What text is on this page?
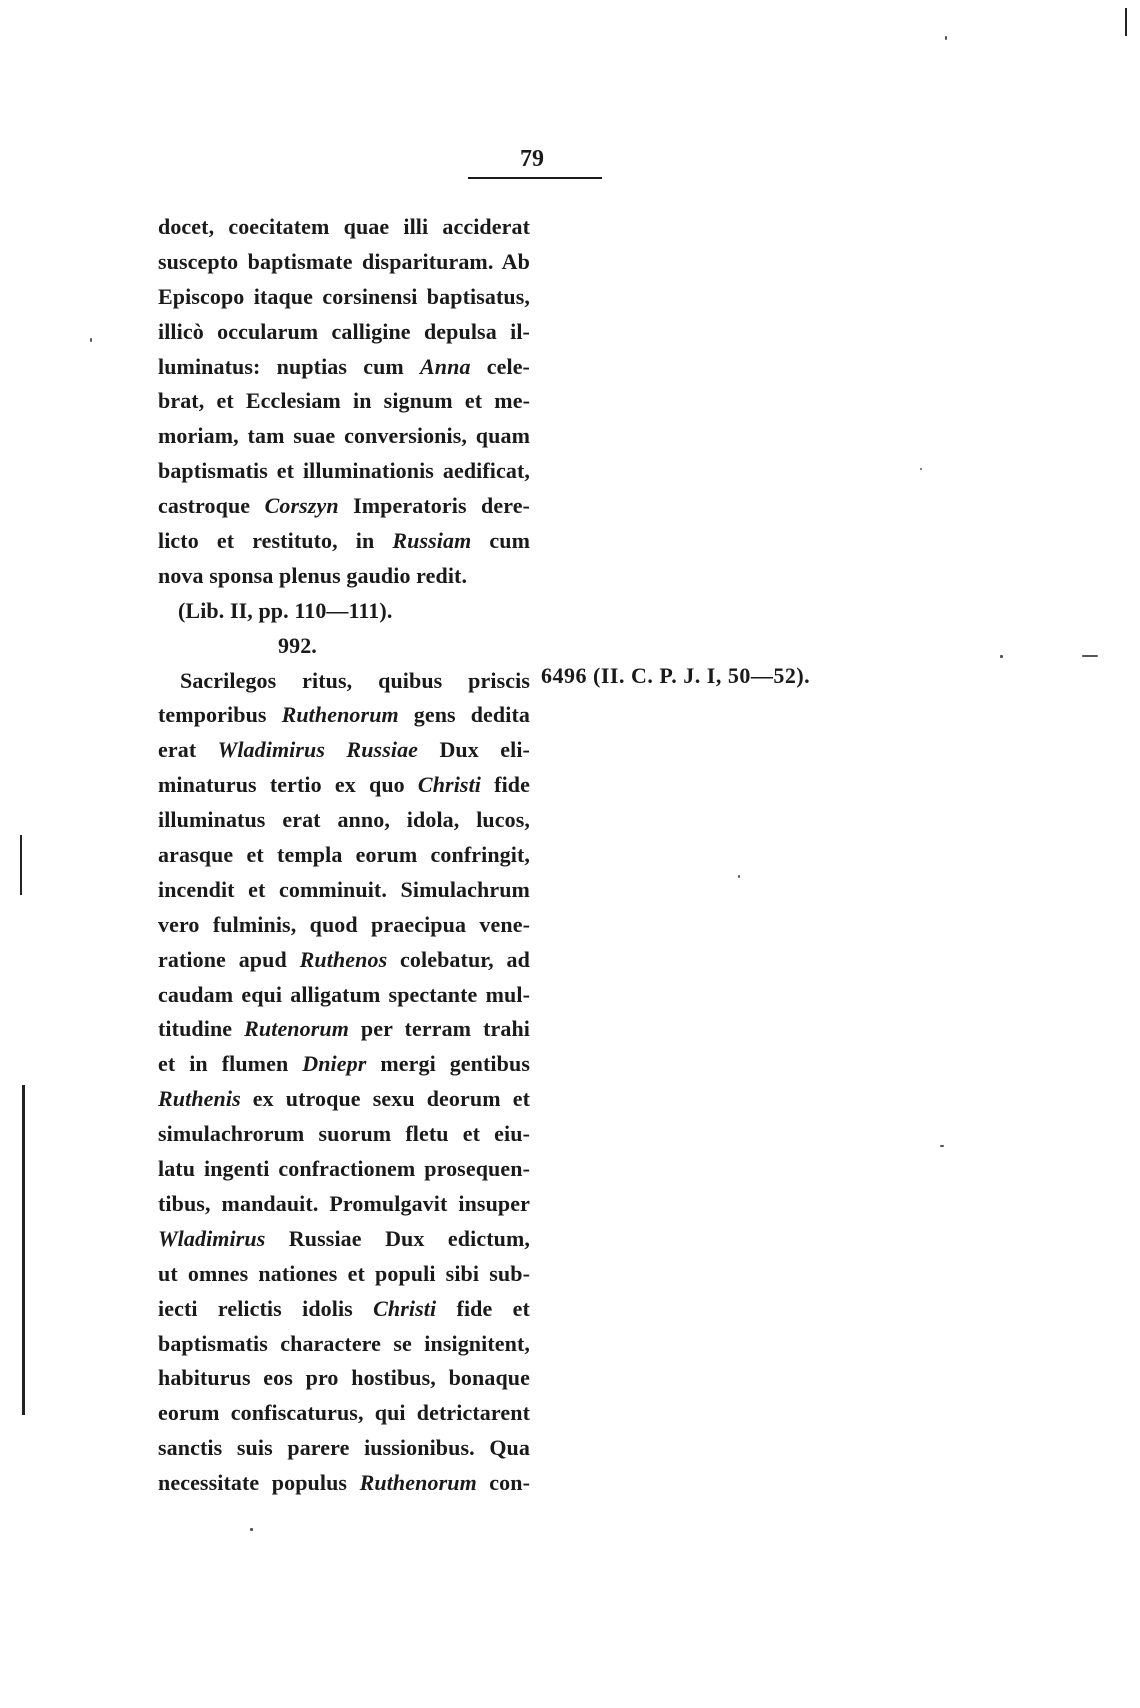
79
docet, coecitatem quae illi acciderat
suscepto baptismate disparituram. Ab
Episcopo itaque corsinensi baptisatus,
illicò occularum calligine depulsa il-
luminatus: nuptias cum Anna cele-
brat, et Ecclesiam in signum et me-
moriam, tam suae conversionis, quam
baptismatis et illuminationis aedificat,
castroque Corszyn Imperatoris dere-
licto et restituto, in Russiam cum
nova sponsa plenus gaudio redit.
(Lib. II, pp. 110—111).
992.
Sacrilegos ritus, quibus priscis
temporibus Ruthenorum gens dedita
erat Wladimirus Russiae Dux eli-
minaturus tertio ex quo Christi fide
illuminatus erat anno, idola, lucos,
arasque et templa eorum confringit,
incendit et comminuit. Simulachrum
vero fulminis, quod praecipua vene-
ratione apud Ruthenos colebatur, ad
caudam equi alligatum spectante mul-
titudine Rutenorum per terram trahi
et in flumen Dniepr mergi gentibus
Ruthenis ex utroque sexu deorum et
simulachrorum suorum fletu et eiu-
latu ingenti confractionem prosequen-
tibus, mandauit. Promulgavit insuper
Wladimirus Russiae Dux edictum,
ut omnes nationes et populi sibi sub-
iecti relictis idolis Christi fide et
baptismatis charactere se insignitent,
habiturus eos pro hostibus, bonaque
eorum confiscaturus, qui detrictarent
sanctis suis parere iussionibus. Qua
necessitate populus Ruthenorum con-
6496 (II. C. P. J. I, 50—52).
